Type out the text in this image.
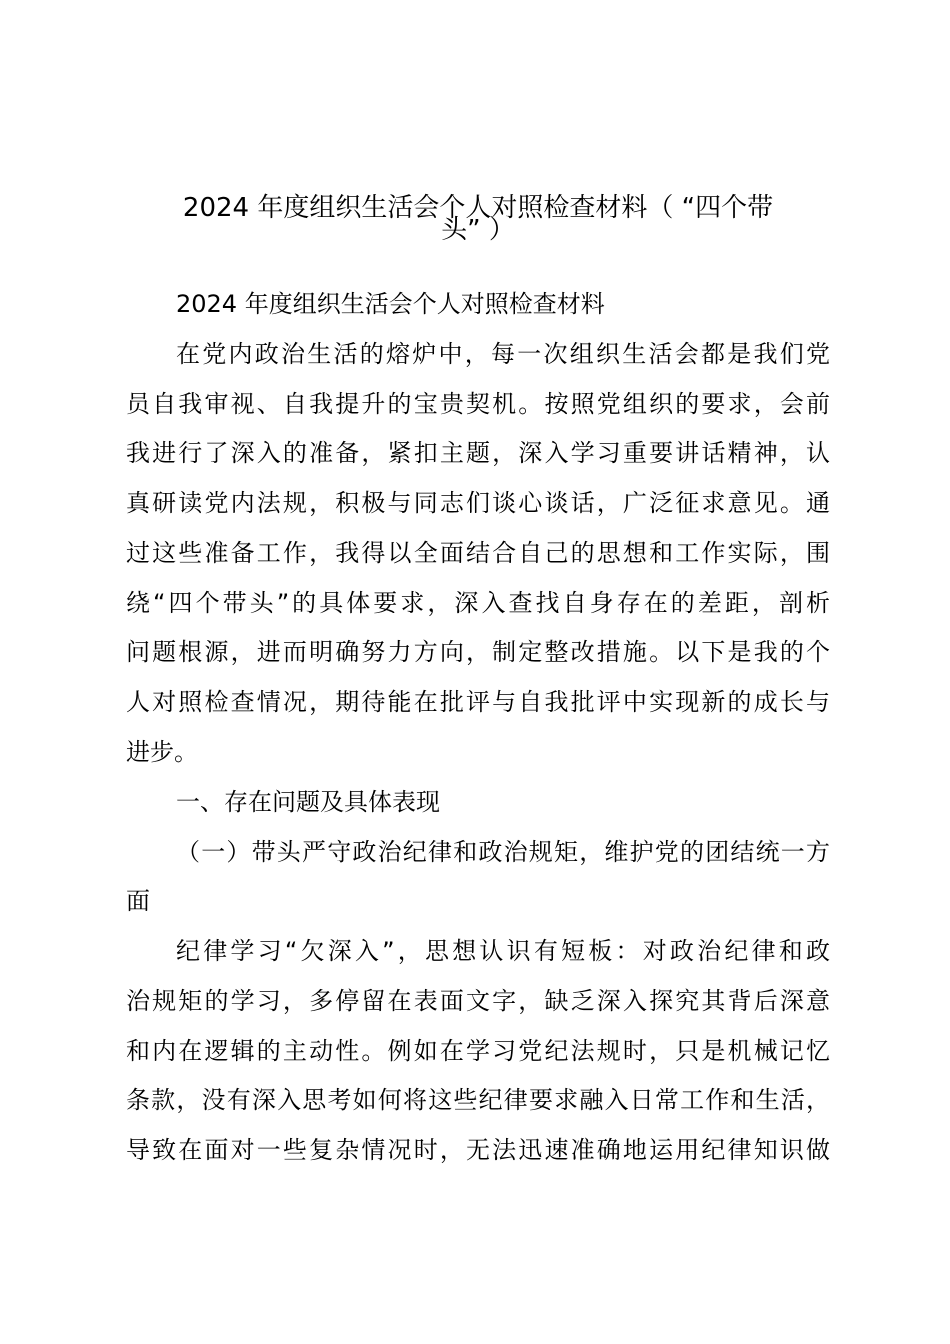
2024 年度组织生活会个人对照检查材料（ “四个带
头” ）
2024 年度组织生活会个人对照检查材料
在党内政治生活的熔炉中，每一次组织生活会都是我们党
员自我审视、自我提升的宝贵契机。按照党组织的要求，会前
我进行了深入的准备，紧扣主题，深入学习重要讲话精神，认
真研读党内法规，积极与同志们谈心谈话，广泛征求意见。通
过这些准备工作，我得以全面结合自己的思想和工作实际，围
绕“四个带头”的具体要求，深入查找自身存在的差距，剖析
问题根源，进而明确努力方向，制定整改措施。以下是我的个
人对照检查情况，期待能在批评与自我批评中实现新的成长与
进步。
一、存在问题及具体表现
（一）带头严守政治纪律和政治规矩，维护党的团结统一方
面
纪律学习“欠深入”，思想认识有短板：对政治纪律和政
治规矩的学习，多停留在表面文字，缺乏深入探究其背后深意
和内在逻辑的主动性。例如在学习党纪法规时，只是机械记忆
条款，没有深入思考如何将这些纪律要求融入日常工作和生活，
导致在面对一些复杂情况时，无法迅速准确地运用纪律知识做
